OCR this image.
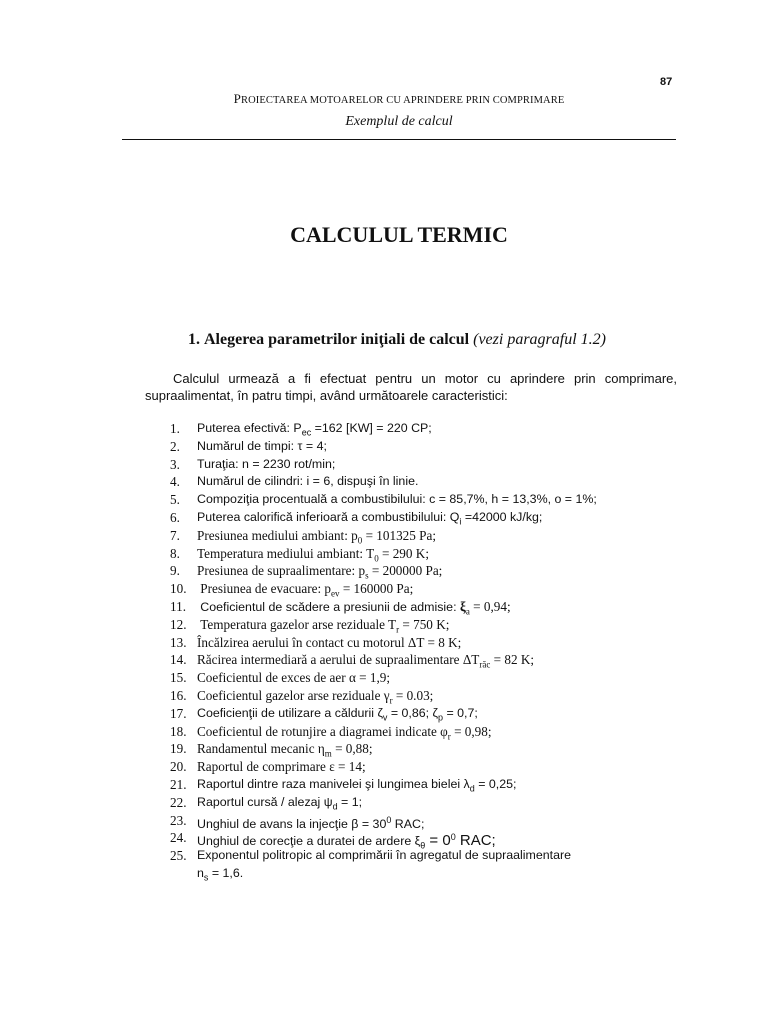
87
PROIECTAREA MOTOARELOR CU APRINDERE PRIN COMPRIMARE
Exemplul de calcul
CALCULUL TERMIC
1. Alegerea parametrilor iniţiali de calcul (vezi paragraful 1.2)
Calculul urmează a fi efectuat pentru un motor cu aprindere prin comprimare,
supraalimentat, în patru timpi, având următoarele caracteristici:
1.	Puterea efectivă: $P_{ec} =162$ [KW] = 220 CP;
2.	Numărul de timpi: τ = 4;
3.	Turaţia: n = 2230 rot/min;
4.	Numărul de cilindri: i = 6, dispuşi în linie.
5.	Compoziţia procentuală a combustibilului: c = 85,7%, h = 13,3%, o = 1%;
6.	Puterea calorifică inferioară a combustibilului: $Q_i =42000$ kJ/kg;
7.	Presiunea mediului ambiant: $p_0 = 101325$ Pa;
8.	Temperatura mediului ambiant: $T_0 = 290$ K;
9.	Presiunea de supraalimentare: $p_s = 200000$ Pa;
10.	Presiunea de evacuare: $p_{ev} = 160000$ Pa;
11.	Coeficientul de scădere a presiunii de admisie: $\xi_a = 0,94$;
12.	Temperatura gazelor arse reziduale $T_r = 750$ K;
13. Încălzirea aerului în contact cu motorul ΔT = 8 K;
14. Răcirea intermediară a aerului de supraalimentare $\Delta T_{răc} = 82$ K;
15. Coeficientul de exces de aer α = 1,9;
16. Coeficientul gazelor arse reziduale $\gamma_r = 0.03$;
17. Coeficienţii de utilizare a căldurii $\zeta_v = 0,86$; $\zeta_p = 0,7$;
18. Coeficientul de rotunjire a diagramei indicate $\varphi_r = 0,98$;
19. Randamentul mecanic $\eta_m = 0,88$;
20. Raportul de comprimare ε = 14;
21. Raportul dintre raza manivelei şi lungimea bielei $\lambda_d = 0,25$;
22. Raportul cursă / alezaj $\psi_d = 1$;
23. Unghiul de avans la injecţie $\beta = 30^0$ RAC;
24. Unghiul de corecţie a duratei de ardere $\xi_\theta = 0^0$ RAC;
25. Exponentul politropic al comprimării în agregatul de supraalimentare
$n_s = 1,6$.
